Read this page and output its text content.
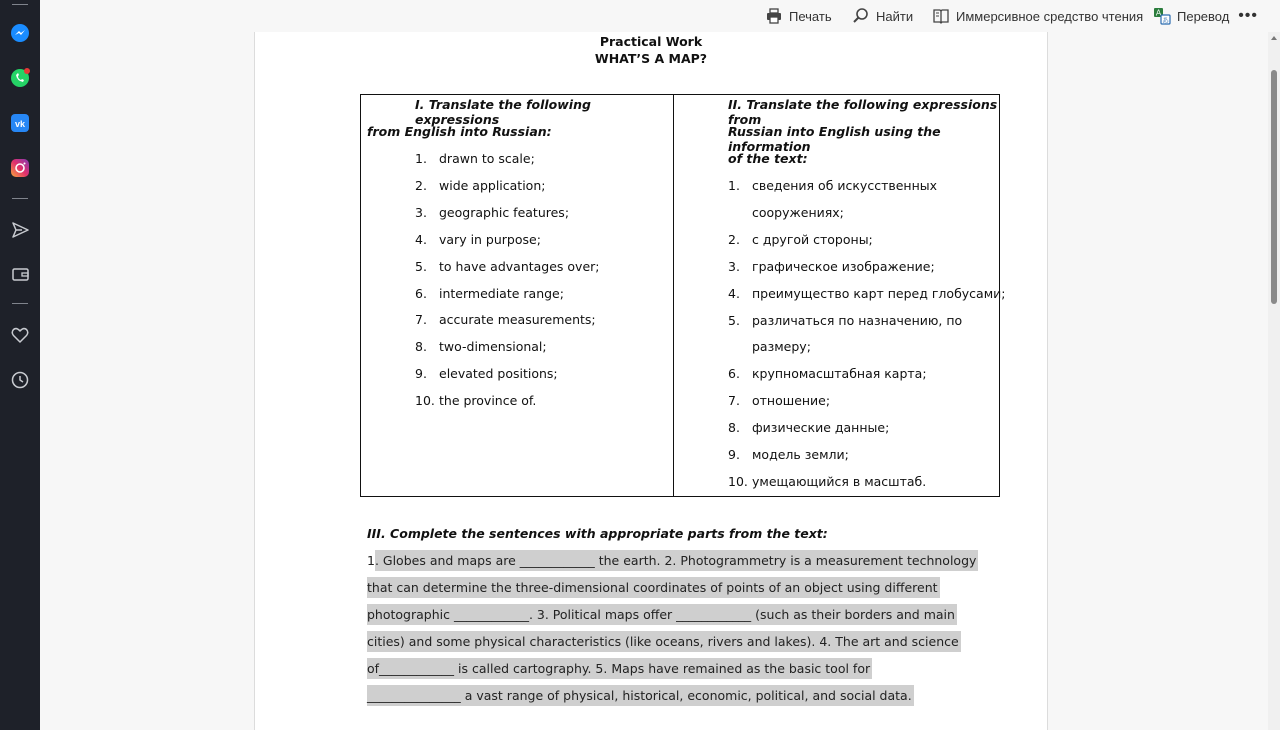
vk
Печать	Найти	Иммерсивное средство чтения A
あ Перевод •••
Practical Work
WHAT’S A MAP?
I. Translate the following expressions
from English into Russian:
1. drawn to scale;
2. wide application;
3. geographic features;
4. vary in purpose;
5. to have advantages over;
6. intermediate range;
7. accurate measurements;
8. two-dimensional;
9. elevated positions;
10. the province of.
II. Translate the following expressions from
Russian into English using the information
of the text:
1. сведения об искусственных
сооружениях;
2. с другой стороны;
3. графическое изображение;
4. преимущество карт перед глобусами;
5. различаться по назначению, по
размеру;
6. крупномасштабная карта;
7. отношение;
8. физические данные;
9. модель земли;
10. умещающийся в масштаб.
III. Complete the sentences with appropriate parts from the text:
1. Globes and maps are ____________ the earth. 2. Photogrammetry is a measurement technology
that can determine the three-dimensional coordinates of points of an object using different
photographic ____________. 3. Political maps offer ____________ (such as their borders and main
cities) and some physical characteristics (like oceans, rivers and lakes). 4. The art and science
of____________ is called cartography. 5. Maps have remained as the basic tool for
_______________ a vast range of physical, historical, economic, political, and social data.
